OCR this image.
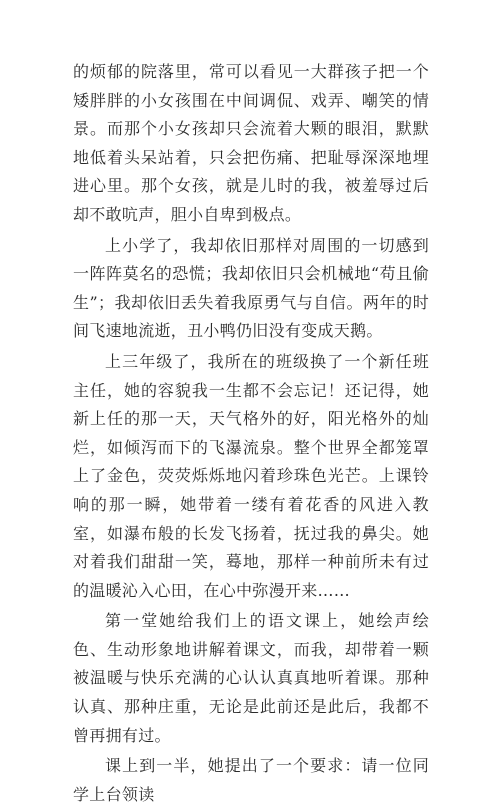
的烦郁的院落里，常可以看见一大群孩子把一个矮胖胖的小女孩围在中间调侃、戏弄、嘲笑的情景。而那个小女孩却只会流着大颗的眼泪，默默地低着头呆站着，只会把伤痛、把耻辱深深地埋进心里。那个女孩，就是儿时的我，被羞辱过后却不敢吭声，胆小自卑到极点。

上小学了，我却依旧那样对周围的一切感到一阵阵莫名的恐慌；我却依旧只会机械地“苟且偷生”；我却依旧丢失着我原勇气与自信。两年的时间飞速地流逝，丑小鸭仍旧没有变成天鹅。

上三年级了，我所在的班级换了一个新任班主任，她的容貌我一生都不会忘记！还记得，她新上任的那一天，天气格外的好，阳光格外的灿烂，如倾泻而下的飞瀑流泉。整个世界全都笼罩上了金色，荧荧烁烁地闪着珍珠色光芒。上课铃响的那一瞬，她带着一缕有着花香的风进入教室，如瀑布般的长发飞扬着，抚过我的鼻尖。她对着我们甜甜一笑，蓦地，那样一种前所未有过的温暖沁入心田，在心中弥漫开来……

第一堂她给我们上的语文课上，她绘声绘色、生动形象地讲解着课文，而我，却带着一颗被温暖与快乐充满的心认认真真地听着课。那种认真、那种庄重，无论是此前还是此后，我都不曾再拥有过。

课上到一半，她提出了一个要求：请一位同学上台领读
